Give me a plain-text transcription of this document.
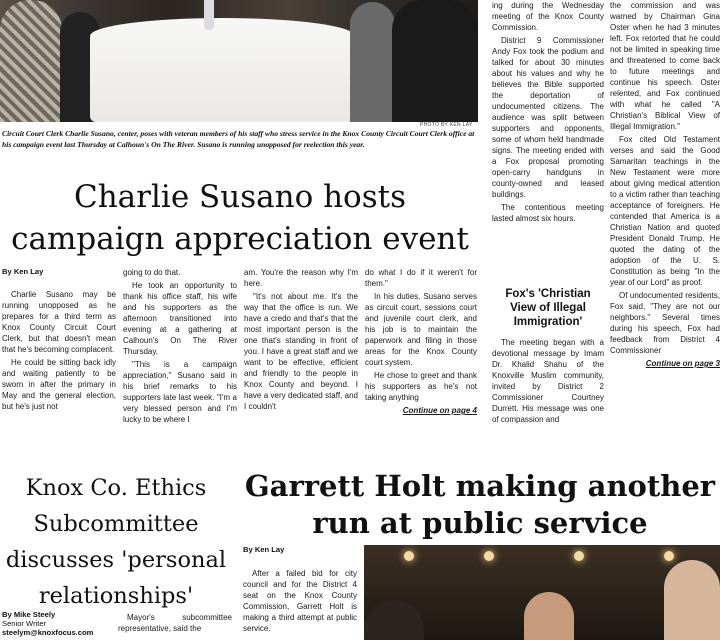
PHOTO BY KEN LAY
Circuit Court Clerk Charlie Susano, center, poses with veteran members of his staff who stress service in the Knox County Circuit Court Clerk office at his campaign event last Thursday at Calhoun's On The River. Susano is running unopposed for reelection this year.
Charlie Susano hosts campaign appreciation event
By Ken Lay

Charlie Susano may be running unopposed as he prepares for a third term as Knox County Circuit Court Clerk, but that doesn't mean that he's becoming complacent.

He could be sitting back idly and waiting patiently to be sworn in after the primary in May and the general election, but he's just not

going to do that.

He took an opportunity to thank his office staff, his wife and his supporters as the afternoon transitioned into evening at a gathering at Calhoun's On The River Thursday.

"This is a campaign appreciation," Susano said in his brief remarks to his supporters late last week. "I'm a very blessed person and I'm lucky to be where I

am. You're the reason why I'm here.

"It's not about me. It's the way that the office is run. We have a credo and that's that the most important person is the one that's standing in front of you. I have a great staff and we want to be effective, efficient and friendly to the people in Knox County and beyond. I have a very dedicated staff, and I couldn't

do what I do if it weren't for them."

In his duties, Susano serves as circuit court, sessions court and juvenile court clerk, and his job is to maintain the paperwork and filing in those areas for the Knox County court system.

He chose to greet and thank his supporters as he's not taking anything

Continue on page 4

ing during the Wednesday meeting of the Knox County Commission.

District 9 Commissioner Andy Fox took the podium and talked for about 30 minutes about his values and why he believes the Bible supported the deportation of undocumented citizens. The audience was split between supporters and opponents, some of whom held handmade signs. The meeting ended with a Fox proposal promoting open-carry handguns in county-owned and leased buildings.

The contentious meeting lasted almost six hours.

Fox's 'Christian View of Illegal Immigration'

The meeting began with a devotional message by Imam Dr. Khalid Shahu of the Knoxville Muslim community, invited by District 2 Commissioner Courtney Durrett. His message was one of compassion and

the commission and was warned by Chairman Gina Oster when he had 3 minutes left. Fox retorted that he could not be limited in speaking time and threatened to come back to future meetings and continue his speech. Oster relented, and Fox continued with what he called "A Christian's Biblical View of Illegal Immigration."

Fox cited Old Testament verses and said the Good Samaritan teachings in the New Testament were more about giving medical attention to a victim rather than teaching acceptance of foreigners. He contended that America is a Christian Nation and quoted President Donald Trump. He quoted the dating of the adoption of the U. S. Constitution as being "In the year of our Lord" as proof.

Of undocumented residents, Fox said, "They are not our neighbors." Several times during his speech, Fox had feedback from District 4 Commissioner

Continue on page 3
Knox Co. Ethics Subcommittee discusses 'personal relationships'
By Mike Steely
Senior Writer
steelym@knoxfocus.com

Mayor's subcommittee representative, said the

Garrett Holt making another run at public service
By Ken Lay

After a failed bid for city council and for the District 4 seat on the Knox County Commission, Garrett Holt is making a third attempt at public service.
